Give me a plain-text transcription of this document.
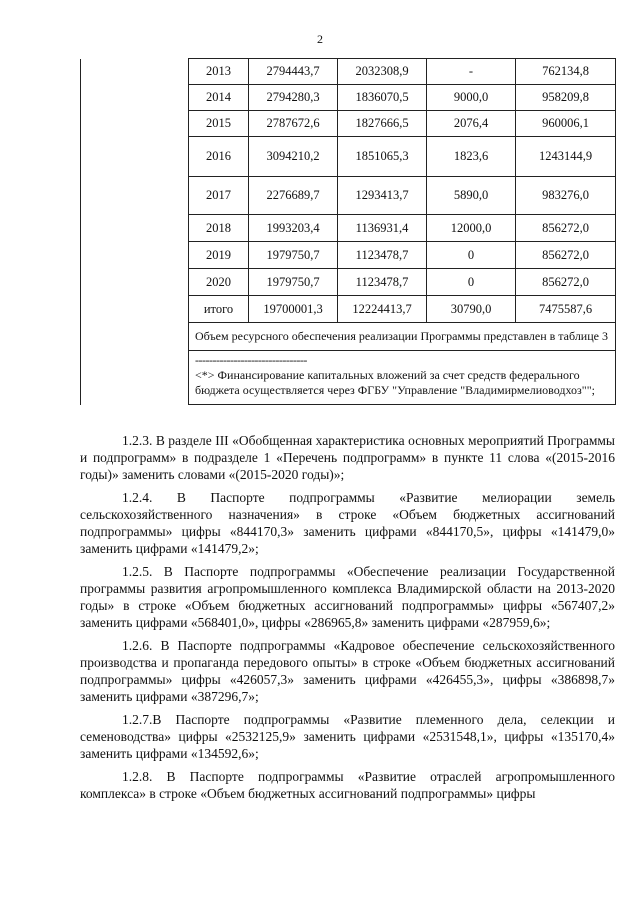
2
	2013	2794443,7	2032308,9	-	762134,8
	2014	2794280,3	1836070,5	9000,0	958209,8
	2015	2787672,6	1827666,5	2076,4	960006,1
	2016	3094210,2	1851065,3	1823,6	1243144,9
	2017	2276689,7	1293413,7	5890,0	983276,0
	2018	1993203,4	1136931,4	12000,0	856272,0
	2019	1979750,7	1123478,7	0	856272,0
	2020	1979750,7	1123478,7	0	856272,0
	итого	19700001,3	12224413,7	30790,0	7475587,6
	Объем ресурсного обеспечения реализации Программы представлен в таблице 3				

	--------------------------------
<*> Финансирование капитальных вложений за счет средств федерального бюджета осуществляется через ФГБУ "Управление "Владимирмелиоводхоз"";				

1.2.3. В разделе III «Обобщенная характеристика основных мероприятий Программы и подпрограмм» в подразделе 1 «Перечень подпрограмм» в пункте 11 слова «(2015-2016 годы)» заменить словами «(2015-2020 годы)»;

1.2.4. В Паспорте подпрограммы «Развитие мелиорации земель сельскохозяйственного назначения» в строке «Объем бюджетных ассигнований подпрограммы» цифры «844170,3» заменить цифрами «844170,5», цифры «141479,0» заменить цифрами «141479,2»;

1.2.5. В Паспорте подпрограммы «Обеспечение реализации Государственной программы развития агропромышленного комплекса Владимирской области на 2013-2020 годы» в строке «Объем бюджетных ассигнований подпрограммы» цифры «567407,2» заменить цифрами «568401,0», цифры «286965,8» заменить цифрами «287959,6»;

1.2.6. В Паспорте подпрограммы «Кадровое обеспечение сельскохозяйственного производства и пропаганда передового опыты» в строке «Объем бюджетных ассигнований подпрограммы» цифры «426057,3» заменить цифрами «426455,3», цифры «386898,7» заменить цифрами «387296,7»;

1.2.7.В Паспорте подпрограммы «Развитие племенного дела, селекции и семеноводства» цифры «2532125,9» заменить цифрами «2531548,1», цифры «135170,4» заменить цифрами «134592,6»;

1.2.8. В Паспорте подпрограммы «Развитие отраслей агропромышленного комплекса» в строке «Объем бюджетных ассигнований подпрограммы» цифры
